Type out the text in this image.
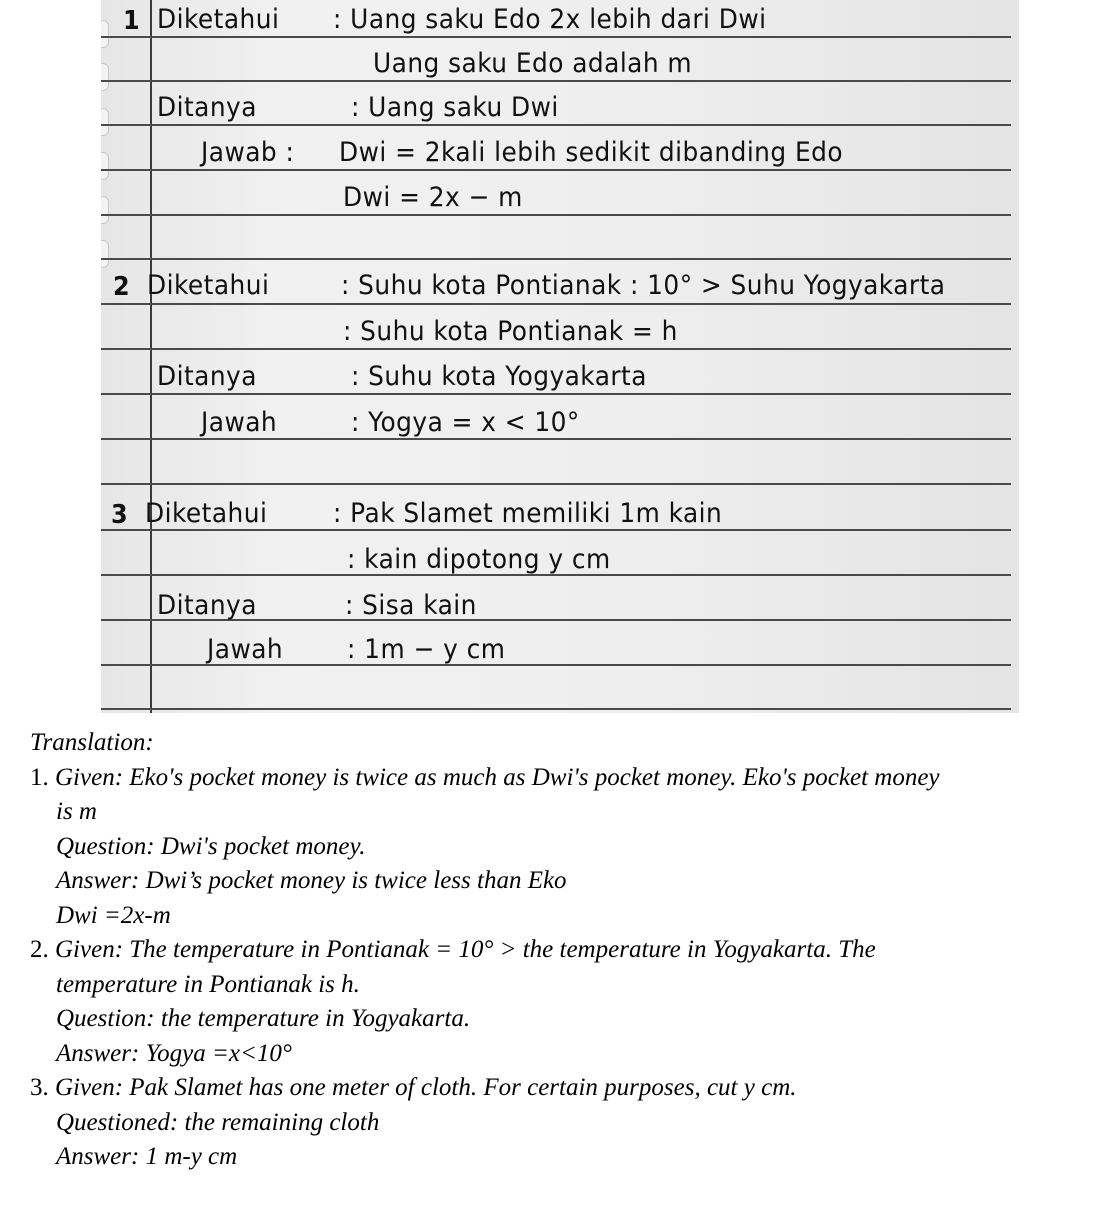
1 Diketahui : Uang saku Edo 2x lebih dari Dwi
Uang saku Edo adalah m
Ditanya	: Uang saku Dwi
Jawab : Dwi = 2kali lebih sedikit dibanding Edo
Dwi = 2x − m
2 Diketahui	: Suhu kota Pontianak : 10° > Suhu Yogyakarta
: Suhu kota Pontianak = h
Ditanya	: Suhu kota Yogyakarta
Jawah	: Yogya = x < 10°
3 Diketahui : Pak Slamet memiliki 1m kain
: kain dipotong y cm
Ditanya	: Sisa kain
Jawah : 1m − y cm
Translation:
1. Given: Eko's pocket money is twice as much as Dwi's pocket money. Eko's pocket money
is m
Question: Dwi's pocket money.
Answer: Dwi’s pocket money is twice less than Eko
Dwi =2x-m
2. Given: The temperature in Pontianak = 10° > the temperature in Yogyakarta. The
temperature in Pontianak is h.
Question: the temperature in Yogyakarta.
Answer: Yogya =x<10°
3. Given: Pak Slamet has one meter of cloth. For certain purposes, cut y cm.
Questioned: the remaining cloth
Answer: 1 m-y cm
